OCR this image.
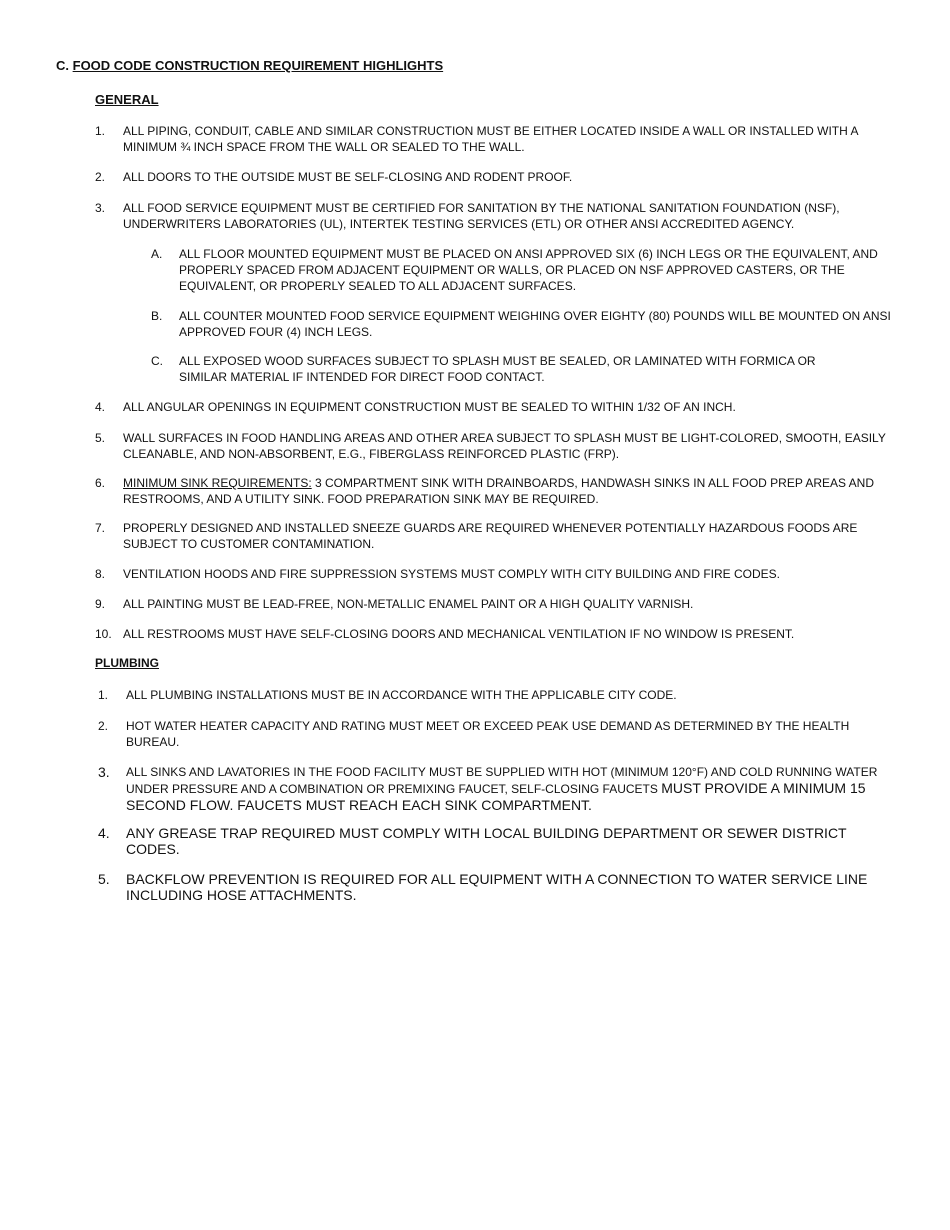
C. FOOD CODE CONSTRUCTION REQUIREMENT HIGHLIGHTS
GENERAL
1. ALL PIPING, CONDUIT, CABLE AND SIMILAR CONSTRUCTION MUST BE EITHER LOCATED INSIDE A WALL OR INSTALLED WITH A MINIMUM ¾ INCH SPACE FROM THE WALL OR SEALED TO THE WALL.
2. ALL DOORS TO THE OUTSIDE MUST BE SELF-CLOSING AND RODENT PROOF.
3. ALL FOOD SERVICE EQUIPMENT MUST BE CERTIFIED FOR SANITATION BY THE NATIONAL SANITATION FOUNDATION (NSF), UNDERWRITERS LABORATORIES (UL), INTERTEK TESTING SERVICES (ETL) OR OTHER ANSI ACCREDITED AGENCY.
A. ALL FLOOR MOUNTED EQUIPMENT MUST BE PLACED ON ANSI APPROVED SIX (6) INCH LEGS OR THE EQUIVALENT, AND PROPERLY SPACED FROM ADJACENT EQUIPMENT OR WALLS, OR PLACED ON NSF APPROVED CASTERS, OR THE EQUIVALENT, OR PROPERLY SEALED TO ALL ADJACENT SURFACES.
B. ALL COUNTER MOUNTED FOOD SERVICE EQUIPMENT WEIGHING OVER EIGHTY (80) POUNDS WILL BE MOUNTED ON ANSI APPROVED FOUR (4) INCH LEGS.
C. ALL EXPOSED WOOD SURFACES SUBJECT TO SPLASH MUST BE SEALED, OR LAMINATED WITH FORMICA OR SIMILAR MATERIAL IF INTENDED FOR DIRECT FOOD CONTACT.
4. ALL ANGULAR OPENINGS IN EQUIPMENT CONSTRUCTION MUST BE SEALED TO WITHIN 1/32 OF AN INCH.
5. WALL SURFACES IN FOOD HANDLING AREAS AND OTHER AREA SUBJECT TO SPLASH MUST BE LIGHT-COLORED, SMOOTH, EASILY CLEANABLE, AND NON-ABSORBENT, E.G., FIBERGLASS REINFORCED PLASTIC (FRP).
6. MINIMUM SINK REQUIREMENTS: 3 COMPARTMENT SINK WITH DRAINBOARDS, HANDWASH SINKS IN ALL FOOD PREP AREAS AND RESTROOMS, AND A UTILITY SINK. FOOD PREPARATION SINK MAY BE REQUIRED.
7. PROPERLY DESIGNED AND INSTALLED SNEEZE GUARDS ARE REQUIRED WHENEVER POTENTIALLY HAZARDOUS FOODS ARE SUBJECT TO CUSTOMER CONTAMINATION.
8. VENTILATION HOODS AND FIRE SUPPRESSION SYSTEMS MUST COMPLY WITH CITY BUILDING AND FIRE CODES.
9. ALL PAINTING MUST BE LEAD-FREE, NON-METALLIC ENAMEL PAINT OR A HIGH QUALITY VARNISH.
10. ALL RESTROOMS MUST HAVE SELF-CLOSING DOORS AND MECHANICAL VENTILATION IF NO WINDOW IS PRESENT.
PLUMBING
1. ALL PLUMBING INSTALLATIONS MUST BE IN ACCORDANCE WITH THE APPLICABLE CITY CODE.
2. HOT WATER HEATER CAPACITY AND RATING MUST MEET OR EXCEED PEAK USE DEMAND AS DETERMINED BY THE HEALTH BUREAU.
3. ALL SINKS AND LAVATORIES IN THE FOOD FACILITY MUST BE SUPPLIED WITH HOT (MINIMUM 120°F) AND COLD RUNNING WATER UNDER PRESSURE AND A COMBINATION OR PREMIXING FAUCET, SELF-CLOSING FAUCETS MUST PROVIDE A MINIMUM 15 SECOND FLOW. FAUCETS MUST REACH EACH SINK COMPARTMENT.
4. ANY GREASE TRAP REQUIRED MUST COMPLY WITH LOCAL BUILDING DEPARTMENT OR SEWER DISTRICT CODES.
5. BACKFLOW PREVENTION IS REQUIRED FOR ALL EQUIPMENT WITH A CONNECTION TO WATER SERVICE LINE INCLUDING HOSE ATTACHMENTS.
